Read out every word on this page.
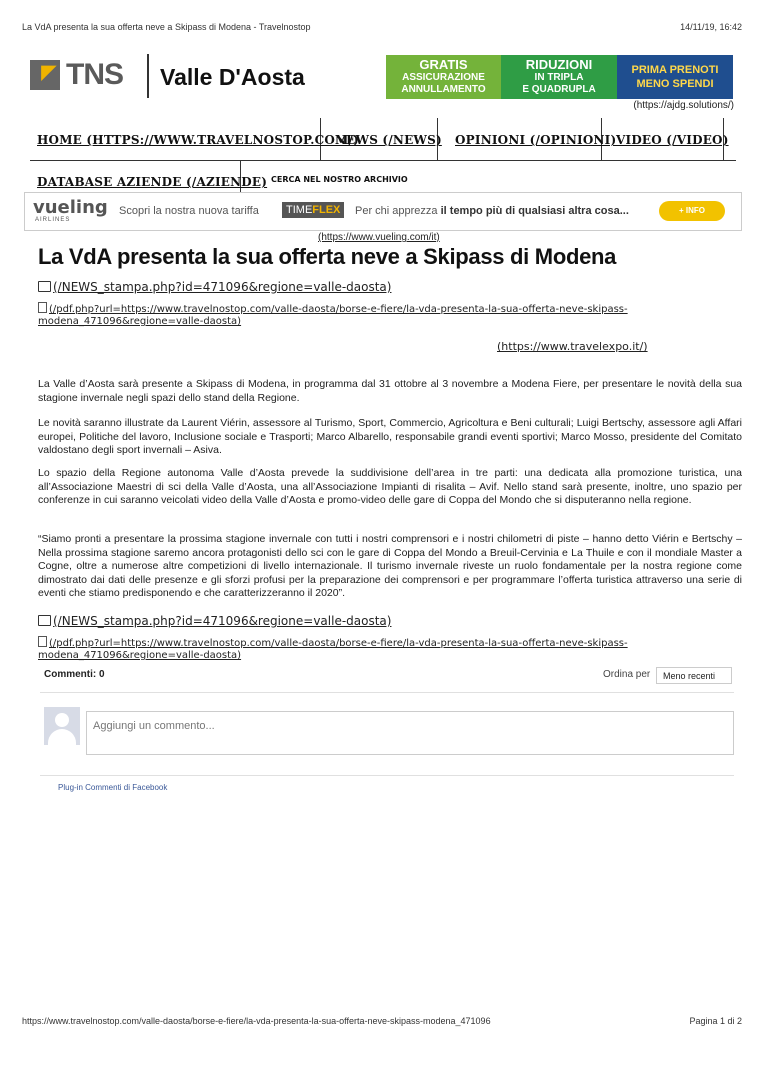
La VdA presenta la sua offerta neve a Skipass di Modena - Travelnostop	14/11/19, 16:42
TNS Valle D'Aosta	GRATIS
ASSICURAZIONE
ANNULLAMENTO
RIDUZIONI
IN TRIPLA
E QUADRUPLA
PRIMA PRENOTI
MENO SPENDI
(https://ajdg.solutions/)
HOME (HTTPS://WWW.TRAVELNOSTOP.COM/)
NEWS (/NEWS) OPINIONI (/OPINIONI) VIDEO (/VIDEO)
DATABASE AZIENDE (/AZIENDE) CERCA NEL NOSTRO ARCHIVIO
vueling
AIRLINES
Scopri la nostra nuova tariffa	TIMEFLEX	Per chi apprezza il tempo più di qualsiasi altra cosa...	+ INFO
(https://www.vueling.com/it)
La VdA presenta la sua offerta neve a Skipass di Modena
(/NEWS_stampa.php?id=471096&regione=valle-daosta)
(/pdf.php?url=https://www.travelnostop.com/valle-daosta/borse-e-fiere/la-vda-presenta-la-sua-offerta-neve-skipass-modena_471096&regione=valle-daosta)
(https://www.travelexpo.it/)
La Valle d’Aosta sarà presente a Skipass di Modena, in programma dal 31 ottobre al 3 novembre a Modena Fiere, per presentare le novità della sua stagione invernale negli spazi dello stand della Regione.
Le novità saranno illustrate da Laurent Viérin, assessore al Turismo, Sport, Commercio, Agricoltura e Beni culturali; Luigi Bertschy, assessore agli Affari europei, Politiche del lavoro, Inclusione sociale e Trasporti; Marco Albarello, responsabile grandi eventi sportivi; Marco Mosso, presidente del Comitato valdostano degli sport invernali – Asiva.
Lo spazio della Regione autonoma Valle d’Aosta prevede la suddivisione dell’area in tre parti: una dedicata alla promozione turistica, una all’Associazione Maestri di sci della Valle d’Aosta, una all’Associazione Impianti di risalita – Avif. Nello stand sarà presente, inoltre, uno spazio per conferenze in cui saranno veicolati video della Valle d’Aosta e promo-video delle gare di Coppa del Mondo che si disputeranno nella regione.
“Siamo pronti a presentare la prossima stagione invernale con tutti i nostri comprensori e i nostri chilometri di piste – hanno detto Viérin e Bertschy – Nella prossima stagione saremo ancora protagonisti dello sci con le gare di Coppa del Mondo a Breuil-Cervinia e La Thuile e con il mondiale Master a Cogne, oltre a numerose altre competizioni di livello internazionale. Il turismo invernale riveste un ruolo fondamentale per la nostra regione come dimostrato dai dati delle presenze e gli sforzi profusi per la preparazione dei comprensori e per programmare l’offerta turistica attraverso una serie di eventi che stiamo predisponendo e che caratterizzeranno il 2020”.
(/NEWS_stampa.php?id=471096&regione=valle-daosta)
(/pdf.php?url=https://www.travelnostop.com/valle-daosta/borse-e-fiere/la-vda-presenta-la-sua-offerta-neve-skipass-modena_471096&regione=valle-daosta)
Commenti: 0	Ordina per	Meno recenti
Aggiungi un commento...
Plug-in Commenti di Facebook
https://www.travelnostop.com/valle-daosta/borse-e-fiere/la-vda-presenta-la-sua-offerta-neve-skipass-modena_471096	Pagina 1 di 2
